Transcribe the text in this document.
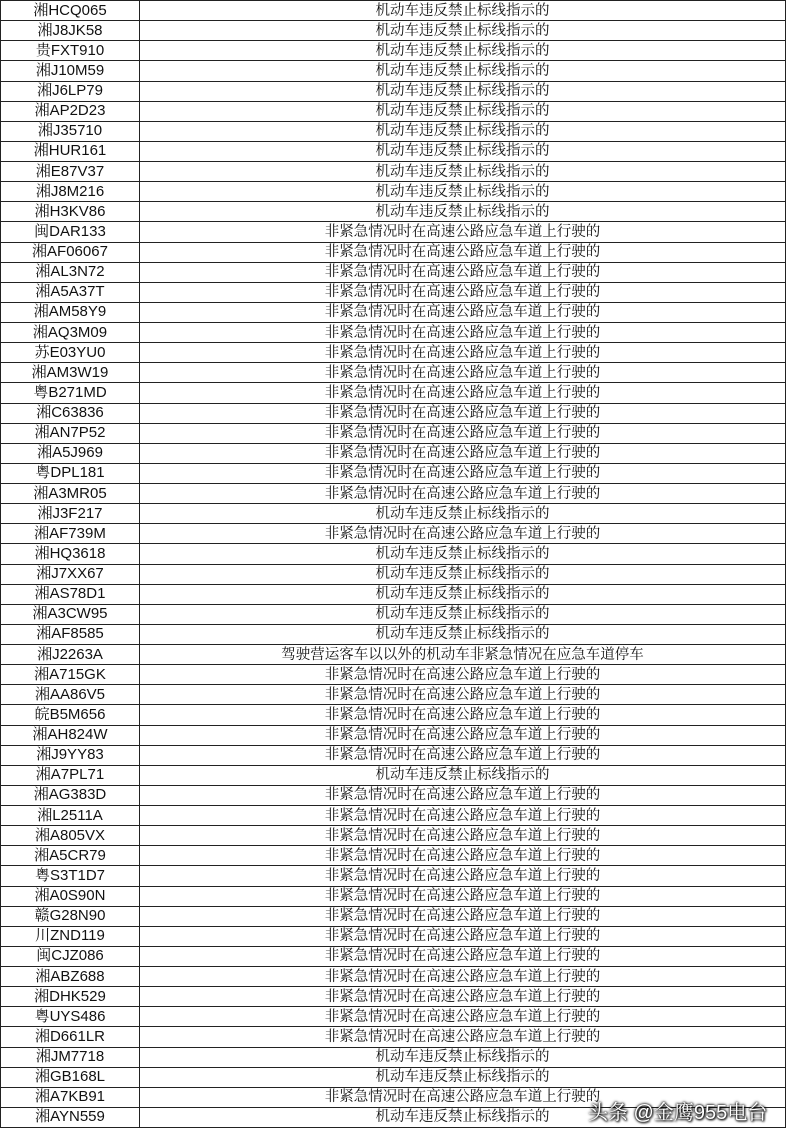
湘HCQ065	机动车违反禁止标线指示的
湘J8JK58	机动车违反禁止标线指示的
贵FXT910	机动车违反禁止标线指示的
湘J10M59	机动车违反禁止标线指示的
湘J6LP79	机动车违反禁止标线指示的
湘AP2D23	机动车违反禁止标线指示的
湘J35710	机动车违反禁止标线指示的
湘HUR161	机动车违反禁止标线指示的
湘E87V37	机动车违反禁止标线指示的
湘J8M216	机动车违反禁止标线指示的
湘H3KV86	机动车违反禁止标线指示的
闽DAR133	非紧急情况时在高速公路应急车道上行驶的
湘AF06067	非紧急情况时在高速公路应急车道上行驶的
湘AL3N72	非紧急情况时在高速公路应急车道上行驶的
湘A5A37T	非紧急情况时在高速公路应急车道上行驶的
湘AM58Y9	非紧急情况时在高速公路应急车道上行驶的
湘AQ3M09	非紧急情况时在高速公路应急车道上行驶的
苏E03YU0	非紧急情况时在高速公路应急车道上行驶的
湘AM3W19	非紧急情况时在高速公路应急车道上行驶的
粤B271MD	非紧急情况时在高速公路应急车道上行驶的
湘C63836	非紧急情况时在高速公路应急车道上行驶的
湘AN7P52	非紧急情况时在高速公路应急车道上行驶的
湘A5J969	非紧急情况时在高速公路应急车道上行驶的
粤DPL181	非紧急情况时在高速公路应急车道上行驶的
湘A3MR05	非紧急情况时在高速公路应急车道上行驶的
湘J3F217	机动车违反禁止标线指示的
湘AF739M	非紧急情况时在高速公路应急车道上行驶的
湘HQ3618	机动车违反禁止标线指示的
湘J7XX67	机动车违反禁止标线指示的
湘AS78D1	机动车违反禁止标线指示的
湘A3CW95	机动车违反禁止标线指示的
湘AF8585	机动车违反禁止标线指示的
湘J2263A	驾驶营运客车以以外的机动车非紧急情况在应急车道停车
湘A715GK	非紧急情况时在高速公路应急车道上行驶的
湘AA86V5	非紧急情况时在高速公路应急车道上行驶的
皖B5M656	非紧急情况时在高速公路应急车道上行驶的
湘AH824W	非紧急情况时在高速公路应急车道上行驶的
湘J9YY83	非紧急情况时在高速公路应急车道上行驶的
湘A7PL71	机动车违反禁止标线指示的
湘AG383D	非紧急情况时在高速公路应急车道上行驶的
湘L2511A	非紧急情况时在高速公路应急车道上行驶的
湘A805VX	非紧急情况时在高速公路应急车道上行驶的
湘A5CR79	非紧急情况时在高速公路应急车道上行驶的
粤S3T1D7	非紧急情况时在高速公路应急车道上行驶的
湘A0S90N	非紧急情况时在高速公路应急车道上行驶的
赣G28N90	非紧急情况时在高速公路应急车道上行驶的
川ZND119	非紧急情况时在高速公路应急车道上行驶的
闽CJZ086	非紧急情况时在高速公路应急车道上行驶的
湘ABZ688	非紧急情况时在高速公路应急车道上行驶的
湘DHK529	非紧急情况时在高速公路应急车道上行驶的
粤UYS486	非紧急情况时在高速公路应急车道上行驶的
湘D661LR	非紧急情况时在高速公路应急车道上行驶的
湘JM7718	机动车违反禁止标线指示的
湘GB168L	机动车违反禁止标线指示的
湘A7KB91	非紧急情况时在高速公路应急车道上行驶的
湘AYN559	机动车违反禁止标线指示的 头条 @金鹰955电台
